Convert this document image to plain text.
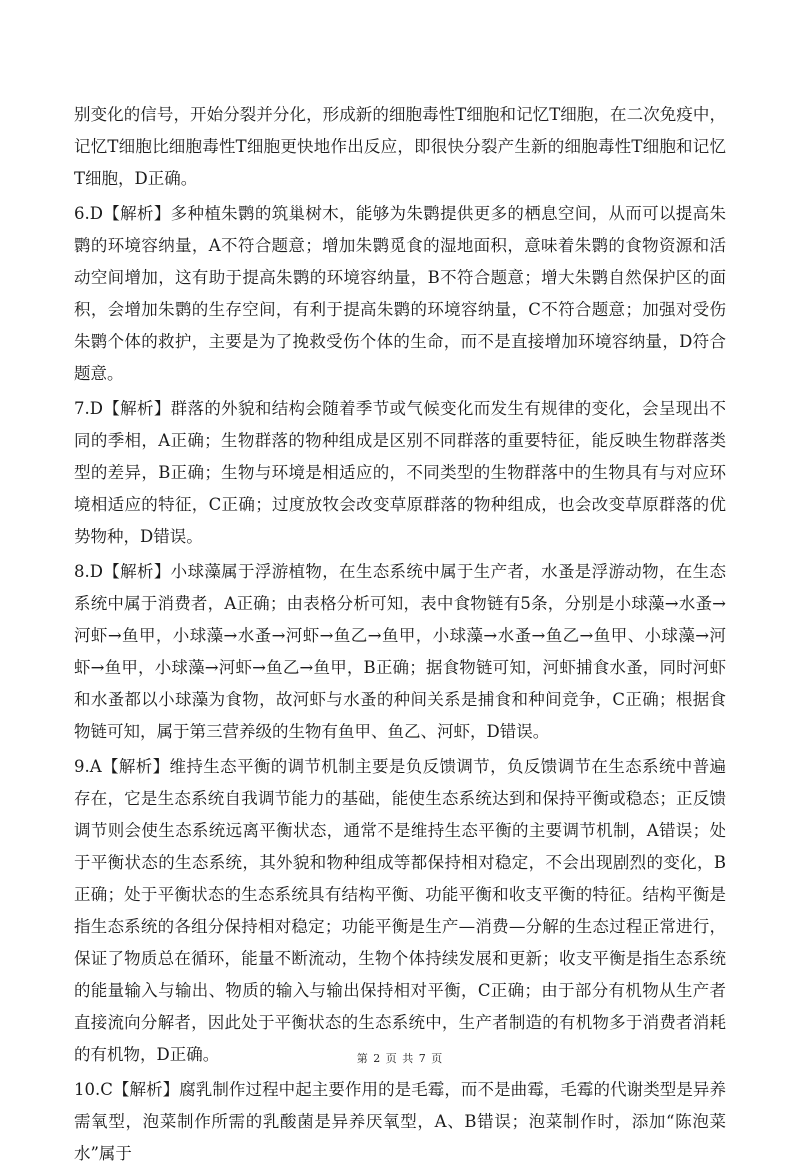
别变化的信号，开始分裂并分化，形成新的细胞毒性T细胞和记忆T细胞，在二次免疫中，记忆T细胞比细胞毒性T细胞更快地作出反应，即很快分裂产生新的细胞毒性T细胞和记忆T细胞，D正确。

6.D【解析】多种植朱鹮的筑巢树木，能够为朱鹮提供更多的栖息空间，从而可以提高朱鹮的环境容纳量，A不符合题意；增加朱鹮觅食的湿地面积，意味着朱鹮的食物资源和活动空间增加，这有助于提高朱鹮的环境容纳量，B不符合题意；增大朱鹮自然保护区的面积，会增加朱鹮的生存空间，有利于提高朱鹮的环境容纳量，C不符合题意；加强对受伤朱鹮个体的救护，主要是为了挽救受伤个体的生命，而不是直接增加环境容纳量，D符合题意。

7.D【解析】群落的外貌和结构会随着季节或气候变化而发生有规律的变化，会呈现出不同的季相，A正确；生物群落的物种组成是区别不同群落的重要特征，能反映生物群落类型的差异，B正确；生物与环境是相适应的，不同类型的生物群落中的生物具有与对应环境相适应的特征，C正确；过度放牧会改变草原群落的物种组成，也会改变草原群落的优势物种，D错误。

8.D【解析】小球藻属于浮游植物，在生态系统中属于生产者，水蚤是浮游动物，在生态系统中属于消费者，A正确；由表格分析可知，表中食物链有5条，分别是小球藻→水蚤→河虾→鱼甲，小球藻→水蚤→河虾→鱼乙→鱼甲，小球藻→水蚤→鱼乙→鱼甲、小球藻→河虾→鱼甲，小球藻→河虾→鱼乙→鱼甲，B正确；据食物链可知，河虾捕食水蚤，同时河虾和水蚤都以小球藻为食物，故河虾与水蚤的种间关系是捕食和种间竞争，C正确；根据食物链可知，属于第三营养级的生物有鱼甲、鱼乙、河虾，D错误。

9.A【解析】维持生态平衡的调节机制主要是负反馈调节，负反馈调节在生态系统中普遍存在，它是生态系统自我调节能力的基础，能使生态系统达到和保持平衡或稳态；正反馈调节则会使生态系统远离平衡状态，通常不是维持生态平衡的主要调节机制，A错误；处于平衡状态的生态系统，其外貌和物种组成等都保持相对稳定，不会出现剧烈的变化，B正确；处于平衡状态的生态系统具有结构平衡、功能平衡和收支平衡的特征。结构平衡是指生态系统的各组分保持相对稳定；功能平衡是生产—消费—分解的生态过程正常进行，保证了物质总在循环，能量不断流动，生物个体持续发展和更新；收支平衡是指生态系统的能量输入与输出、物质的输入与输出保持相对平衡，C正确；由于部分有机物从生产者直接流向分解者，因此处于平衡状态的生态系统中，生产者制造的有机物多于消费者消耗的有机物，D正确。

10.C【解析】腐乳制作过程中起主要作用的是毛霉，而不是曲霉，毛霉的代谢类型是异养需氧型，泡菜制作所需的乳酸菌是异养厌氧型，A、B错误；泡菜制作时，添加“陈泡菜水”属于

第 2 页 共 7 页
